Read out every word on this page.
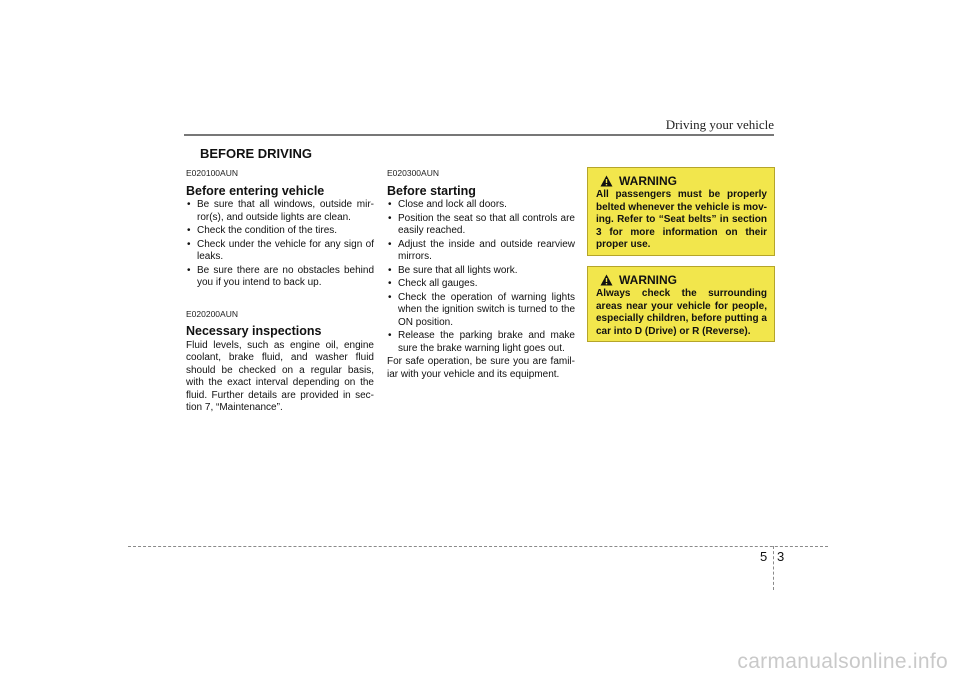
Driving your vehicle
BEFORE DRIVING
E020100AUN
Before entering vehicle
• Be sure that all windows, outside mir-ror(s), and outside lights are clean.
• Check the condition of the tires.
• Check under the vehicle for any sign of leaks.
• Be sure there are no obstacles behind you if you intend to back up.
E020200AUN
Necessary inspections
Fluid levels, such as engine oil, engine coolant, brake fluid, and washer fluid should be checked on a regular basis, with the exact interval depending on the fluid. Further details are provided in sec-tion 7, “Maintenance”.
E020300AUN
Before starting
• Close and lock all doors.
• Position the seat so that all controls are easily reached.
• Adjust the inside and outside rearview mirrors.
• Be sure that all lights work.
• Check all gauges.
• Check the operation of warning lights when the ignition switch is turned to the ON position.
• Release the parking brake and make sure the brake warning light goes out.
For safe operation, be sure you are famil-iar with your vehicle and its equipment.
WARNING
All passengers must be properly belted whenever the vehicle is mov-ing. Refer to “Seat belts” in section 3 for more information on their proper use.
WARNING
Always check the surrounding areas near your vehicle for people, especially children, before putting a car into D (Drive) or R (Reverse).
5 3
carmanualsonline.info
